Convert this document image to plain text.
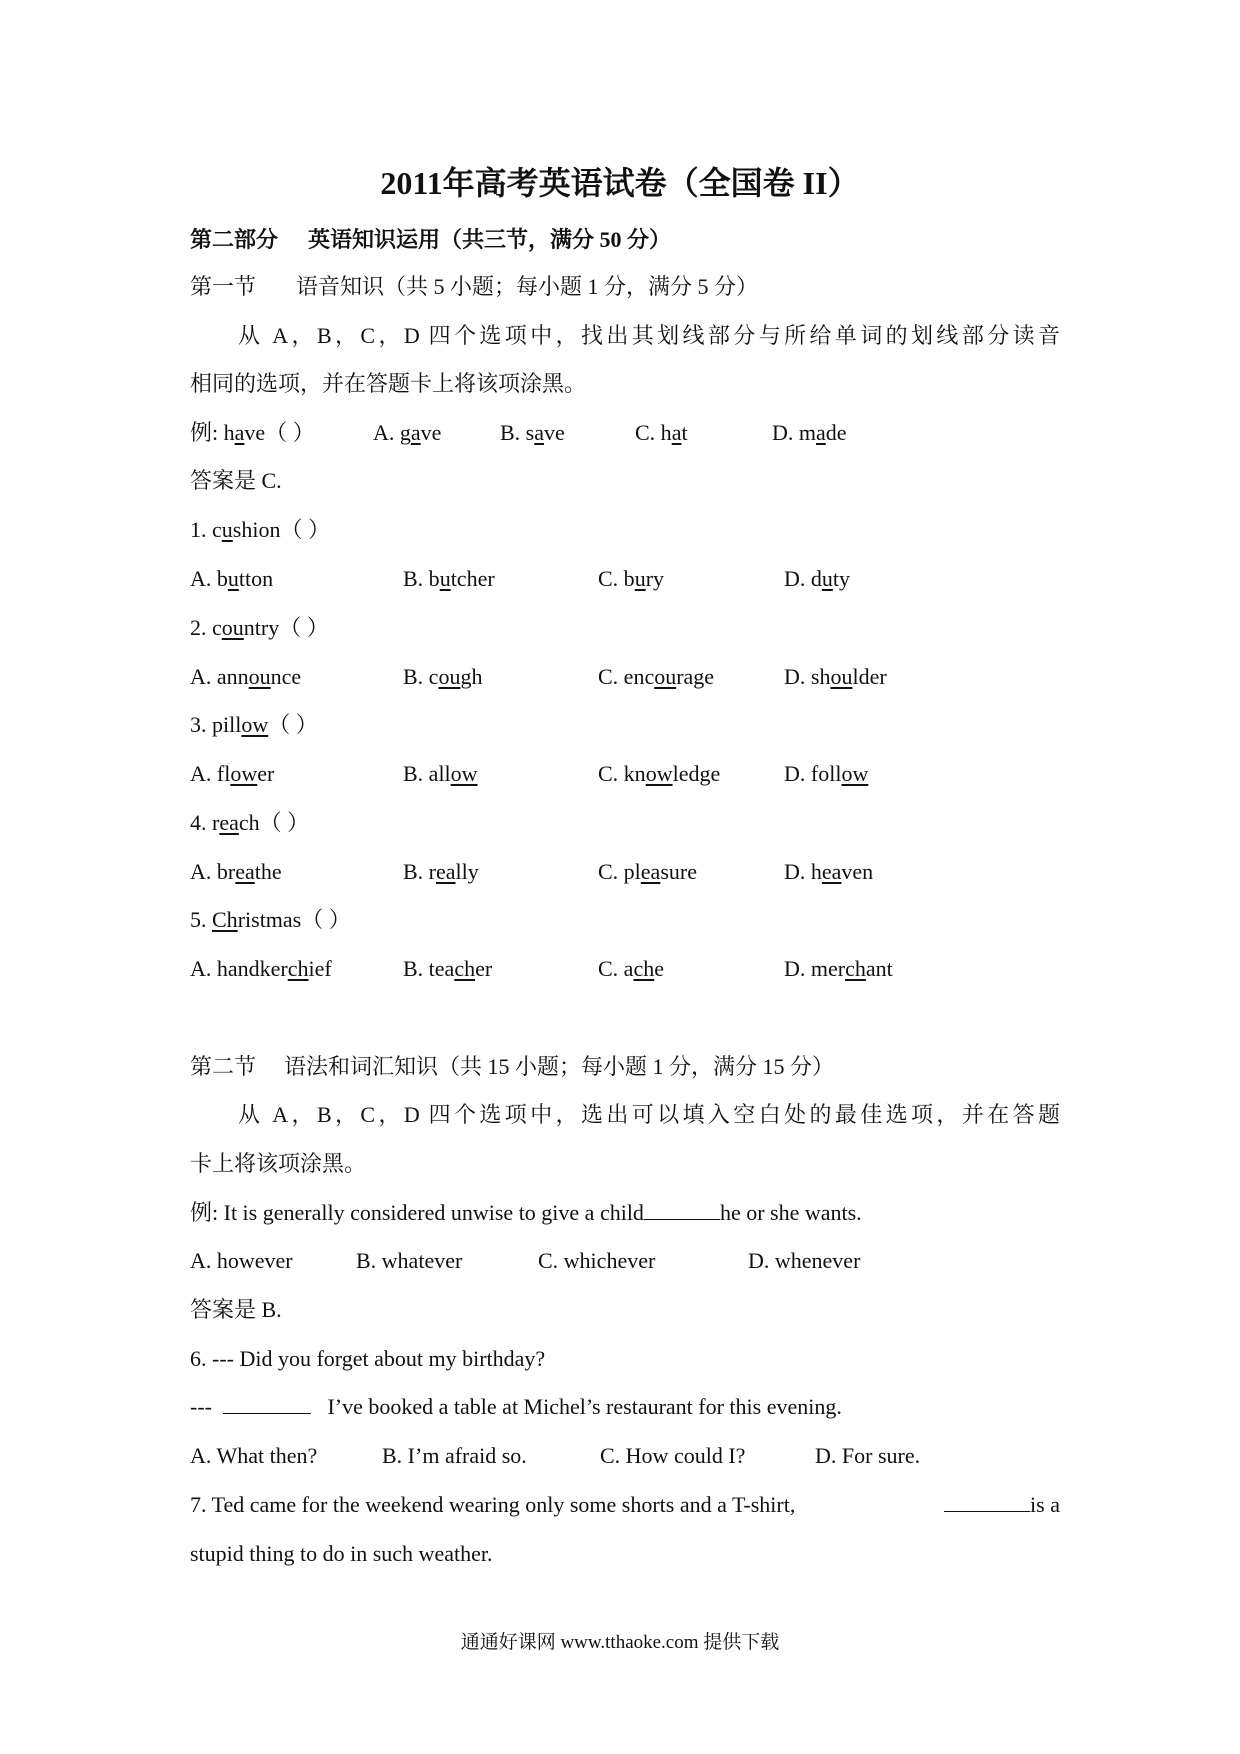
2011年高考英语试卷（全国卷 II）
第二部分 英语知识运用（共三节，满分 50 分）
第一节 语音知识（共 5 小题；每小题 1 分，满分 5 分）
从 A，B，C，D 四个选项中，找出其划线部分与所给单词的划线部分读音
相同的选项，并在答题卡上将该项涂黑。
例: have（ ）	A. gave	B. save	C. hat	D. made
答案是 C.
1. cushion（ ）
A. button	B. butcher	C. bury	D. duty
2. country（ ）
A. announce	B. cough	C. encourage	D. shoulder
3. pillow（ ）
A. flower	B. allow	C. knowledge	D. follow
4. reach（ ）
A. breathe	B. really	C. pleasure	D. heaven
5. Christmas（ ）
A. handkerchief	B. teacher	C. ache	D. merchant
第二节 语法和词汇知识（共 15 小题；每小题 1 分，满分 15 分）
从 A，B，C，D 四个选项中，选出可以填入空白处的最佳选项，并在答题
卡上将该项涂黑。
例: It is generally considered unwise to give a child	he or she wants.
A. however	B. whatever	C. whichever	D. whenever
答案是 B.
6. --- Did you forget about my birthday?
---	I’ve booked a table at Michel’s restaurant for this evening.
A. What then?	B. I’m afraid so.	C. How could I?	D. For sure.
7. Ted came for the weekend wearing only some shorts and a T-shirt,	is a
stupid thing to do in such weather.
通通好课网 www.tthaoke.com 提供下载
